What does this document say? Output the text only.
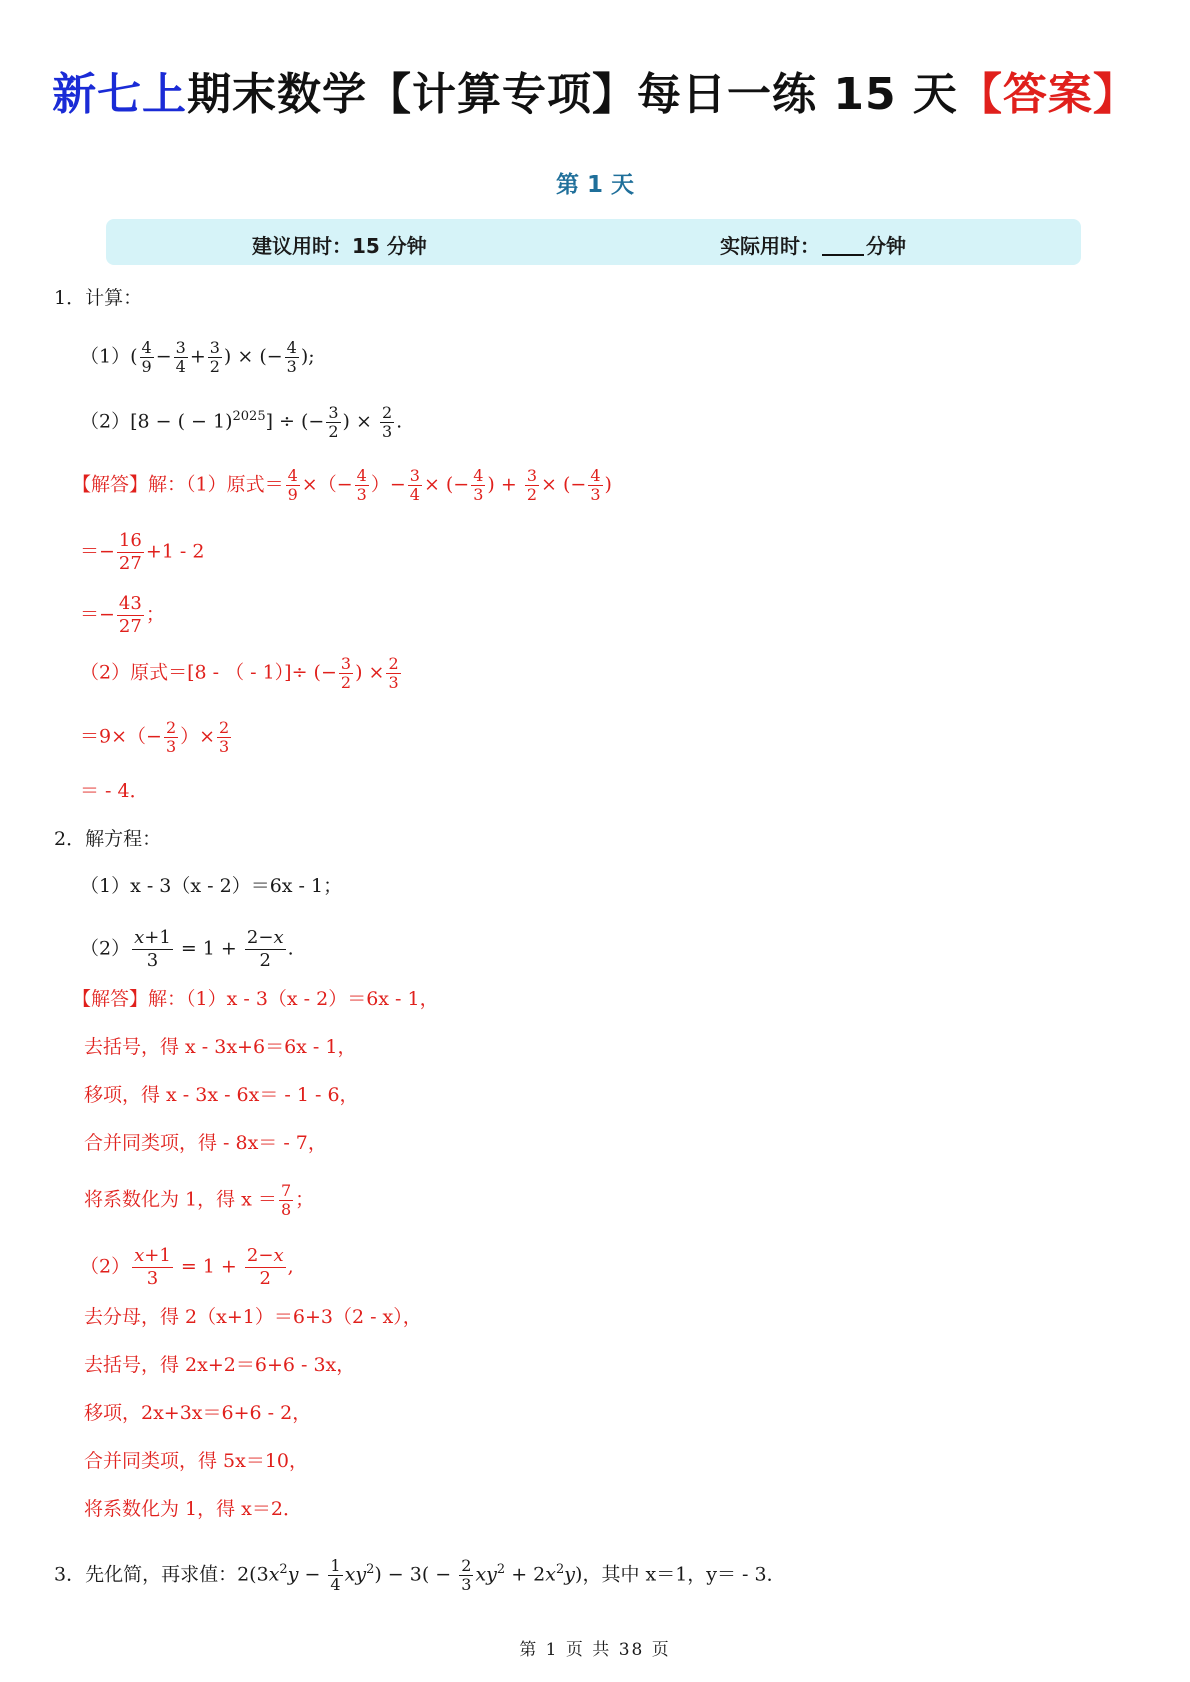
新七上期末数学【计算专项】每日一练 15 天【答案】
第 1 天
建议用时：15 分钟	实际用时： 分钟
1．计算：
$(1)( \frac{4}{9} - \frac{3}{4} + \frac{3}{2}$ ) × (− $\frac{4}{3}$ );
（2）[8 − ( − 1)$^{2025}$] ÷ (− $\frac{3}{2}$ ) × $\frac{2}{3}$ .
【解答】解：（1）原式＝ $\frac{4}{9}$ ×（− $\frac{4}{3}$ ）− $\frac{3}{4}$ × (− $\frac{4}{3}$ ) + $\frac{3}{2}$ × (− $\frac{4}{3}$ )
＝− $\frac{16}{27} +1 - 2$
＝− $\frac{43}{27}$ ；
（2）原式＝[8 - （ - 1）]÷ (− $\frac{3}{2}$ ) × $\frac{2}{3}$
$=9\times(- \frac{2}{3}$ ）× $\frac{2}{3}$
＝ - 4．
2．解方程：
（1）x - 3（x - 2）＝6x - 1；
$(2) \frac{x+1}{3} = 1 + \frac{2-x}{2}$ .
【解答】解：（1）x - 3（x - 2）＝6x - 1，
去括号，得 x - 3x+6＝6x - 1，
移项，得 x - 3x - 6x＝ - 1 - 6，
合并同类项，得 - 8x＝ - 7，
将系数化为 1，得 $x = \frac{7}{8}$ ；
$(2) \frac{x+1}{3} = 1 + \frac{2-x}{2}$ ,
去分母，得 2（x+1）＝6+3（2 - x），
去括号，得 2x+2＝6+6 - 3x，
移项，2x+3x＝6+6 - 2，
合并同类项，得 5x＝10，
将系数化为 1，得 x＝2．
3．先化简，再求值：$2(3x^2y - \frac{1}{4} xy^2) - 3( - \frac{2}{3} xy^2 + 2x^2y)$，其中 x＝1，y＝ - 3．
第 1 页 共 38 页
